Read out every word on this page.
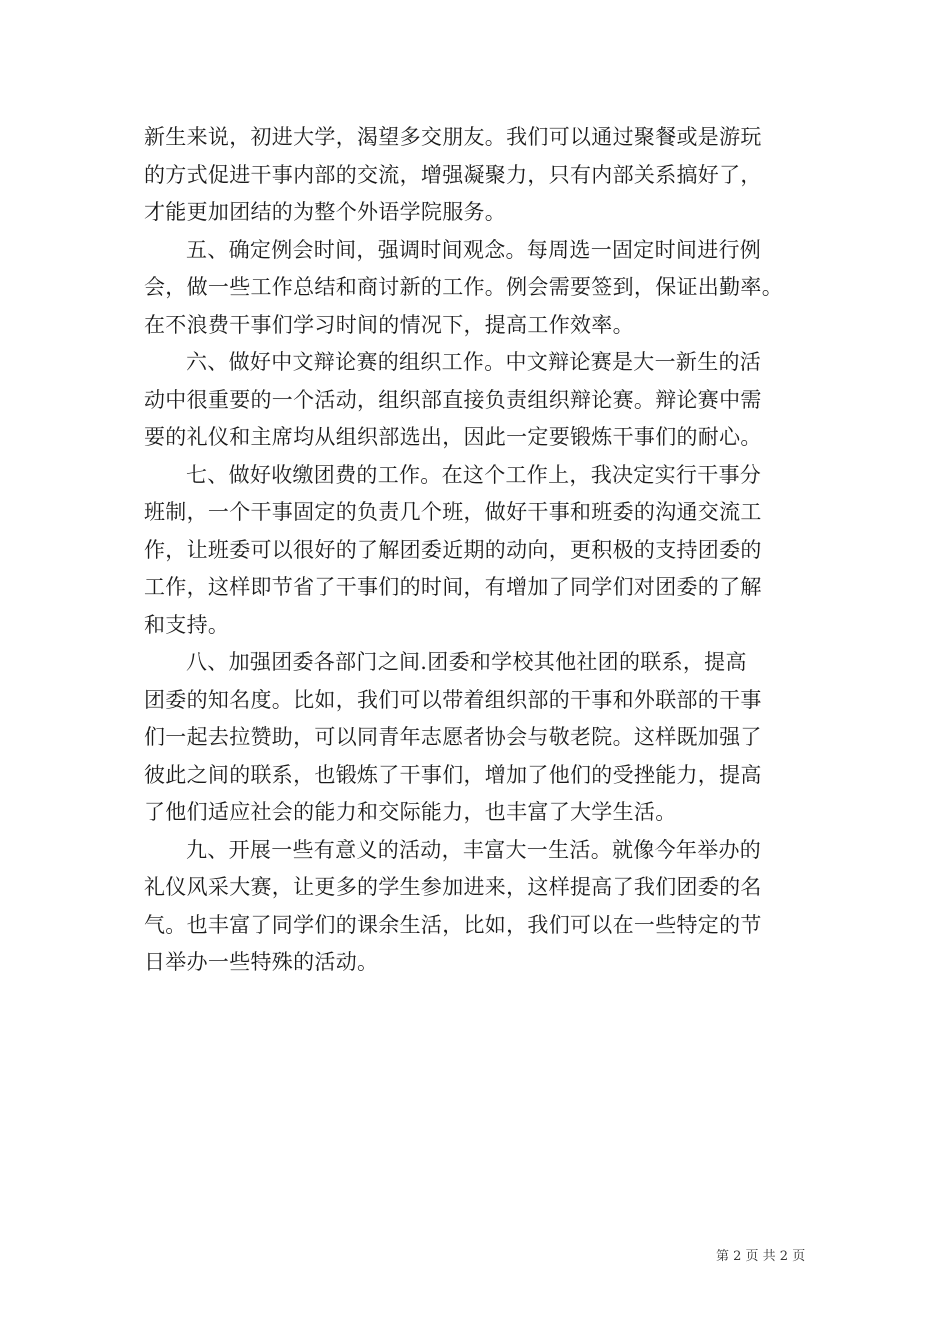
新生来说，初进大学，渴望多交朋友。我们可以通过聚餐或是游玩
的方式促进干事内部的交流，增强凝聚力，只有内部关系搞好了，
才能更加团结的为整个外语学院服务。
五、确定例会时间，强调时间观念。每周选一固定时间进行例
会，做一些工作总结和商讨新的工作。例会需要签到，保证出勤率。
在不浪费干事们学习时间的情况下，提高工作效率。
六、做好中文辩论赛的组织工作。中文辩论赛是大一新生的活
动中很重要的一个活动，组织部直接负责组织辩论赛。辩论赛中需
要的礼仪和主席均从组织部选出，因此一定要锻炼干事们的耐心。
七、做好收缴团费的工作。在这个工作上，我决定实行干事分
班制，一个干事固定的负责几个班，做好干事和班委的沟通交流工
作，让班委可以很好的了解团委近期的动向，更积极的支持团委的
工作，这样即节省了干事们的时间，有增加了同学们对团委的了解
和支持。
八、加强团委各部门之间.团委和学校其他社团的联系，提高
团委的知名度。比如，我们可以带着组织部的干事和外联部的干事
们一起去拉赞助，可以同青年志愿者协会与敬老院。这样既加强了
彼此之间的联系，也锻炼了干事们，增加了他们的受挫能力，提高
了他们适应社会的能力和交际能力，也丰富了大学生活。
九、开展一些有意义的活动，丰富大一生活。就像今年举办的
礼仪风采大赛，让更多的学生参加进来，这样提高了我们团委的名
气。也丰富了同学们的课余生活，比如，我们可以在一些特定的节
日举办一些特殊的活动。
第 2 页 共 2 页
